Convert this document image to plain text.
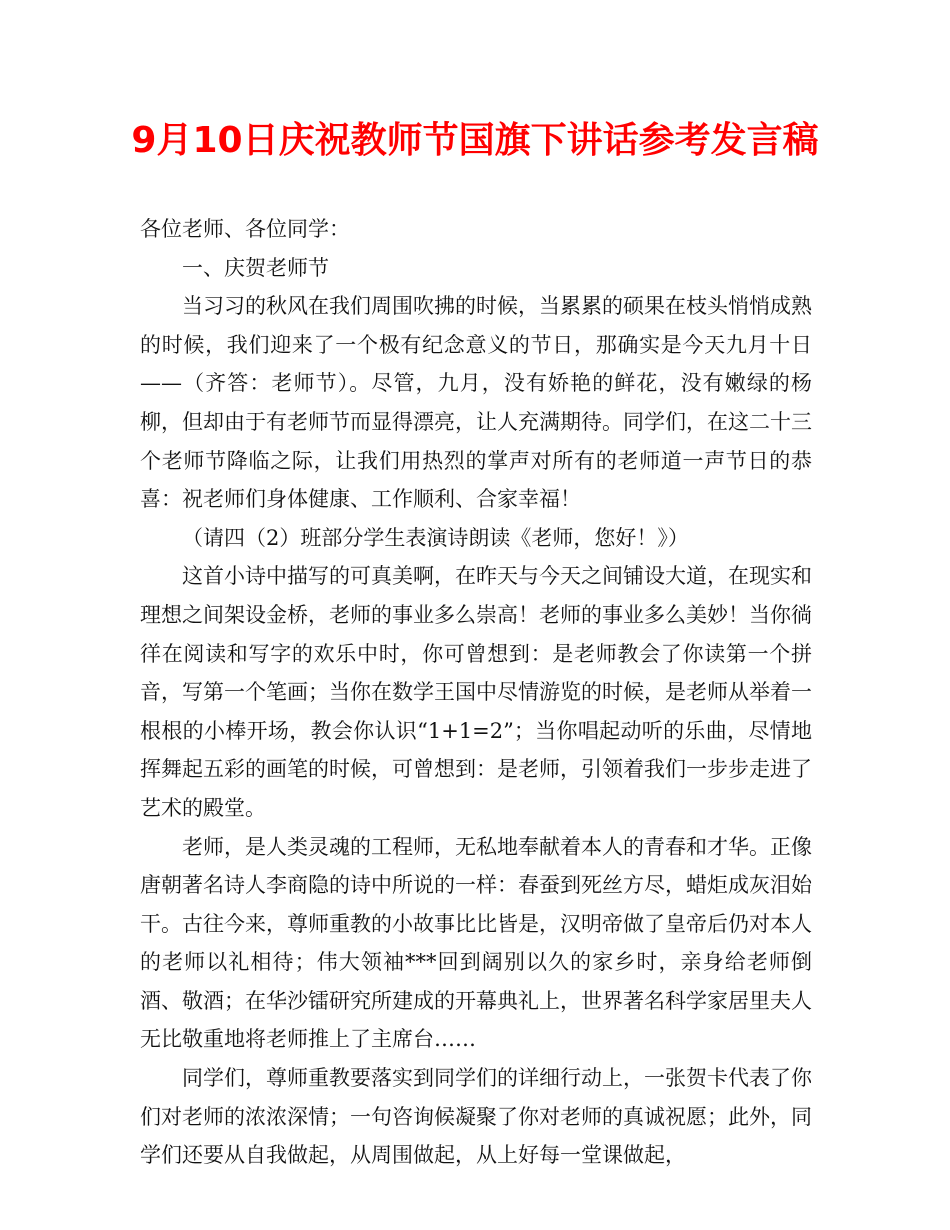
9月10日庆祝教师节国旗下讲话参考发言稿

各位老师、各位同学：

一、庆贺老师节

当习习的秋风在我们周围吹拂的时候，当累累的硕果在枝头悄悄成熟的时候，我们迎来了一个极有纪念意义的节日，那确实是今天九月十日——（齐答：老师节）。尽管，九月，没有娇艳的鲜花，没有嫩绿的杨柳，但却由于有老师节而显得漂亮，让人充满期待。同学们，在这二十三个老师节降临之际，让我们用热烈的掌声对所有的老师道一声节日的恭喜：祝老师们身体健康、工作顺利、合家幸福！

（请四（2）班部分学生表演诗朗读《老师，您好！》）

这首小诗中描写的可真美啊，在昨天与今天之间铺设大道，在现实和理想之间架设金桥，老师的事业多么崇高！老师的事业多么美妙！当你徜徉在阅读和写字的欢乐中时，你可曾想到：是老师教会了你读第一个拼音，写第一个笔画；当你在数学王国中尽情游览的时候，是老师从举着一根根的小棒开场，教会你认识“1+1=2”；当你唱起动听的乐曲，尽情地挥舞起五彩的画笔的时候，可曾想到：是老师，引领着我们一步步走进了艺术的殿堂。

老师，是人类灵魂的工程师，无私地奉献着本人的青春和才华。正像唐朝著名诗人李商隐的诗中所说的一样：春蚕到死丝方尽，蜡炬成灰泪始干。古往今来，尊师重教的小故事比比皆是，汉明帝做了皇帝后仍对本人的老师以礼相待；伟大领袖***回到阔别以久的家乡时，亲身给老师倒酒、敬酒；在华沙镭研究所建成的开幕典礼上，世界著名科学家居里夫人无比敬重地将老师推上了主席台……

同学们，尊师重教要落实到同学们的详细行动上，一张贺卡代表了你们对老师的浓浓深情；一句咨询候凝聚了你对老师的真诚祝愿；此外，同学们还要从自我做起，从周围做起，从上好每一堂课做起，
